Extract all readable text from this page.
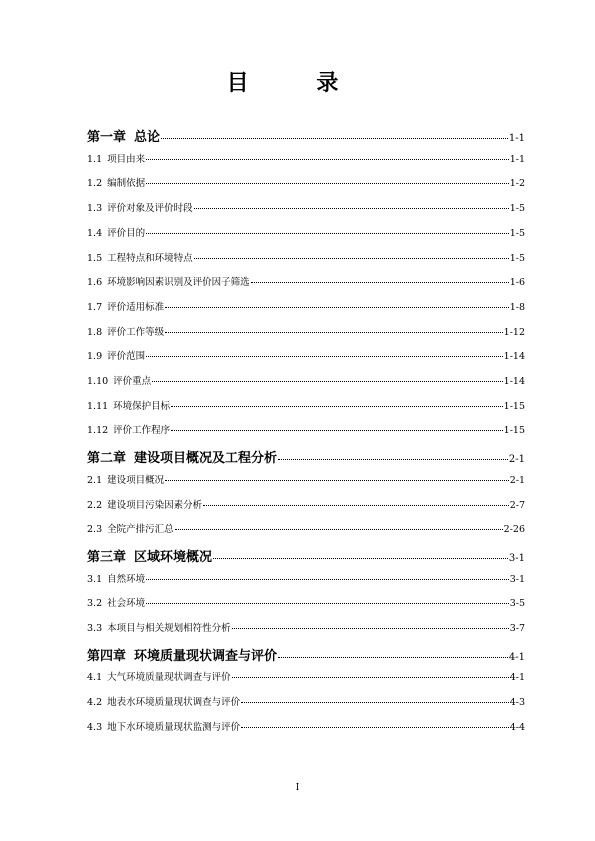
目 录
第一章 总论	1-1
1.1 项目由来	1-1
1.2 编制依据	1-2
1.3 评价对象及评价时段	1-5
1.4 评价目的	1-5
1.5 工程特点和环境特点	1-5
1.6 环境影响因素识别及评价因子筛选	1-6
1.7 评价适用标准	1-8
1.8 评价工作等级	1-12
1.9 评价范围	1-14
1.10 评价重点	1-14
1.11 环境保护目标	1-15
1.12 评价工作程序	1-15
第二章 建设项目概况及工程分析	2-1
2.1 建设项目概况	2-1
2.2 建设项目污染因素分析	2-7
2.3 全院产排污汇总	2-26
第三章 区域环境概况	3-1
3.1 自然环境	3-1
3.2 社会环境	3-5
3.3 本项目与相关规划相符性分析	3-7
第四章 环境质量现状调查与评价	4-1
4.1 大气环境质量现状调查与评价	4-1
4.2 地表水环境质量现状调查与评价	4-3
4.3 地下水环境质量现状监测与评价	4-4
I
